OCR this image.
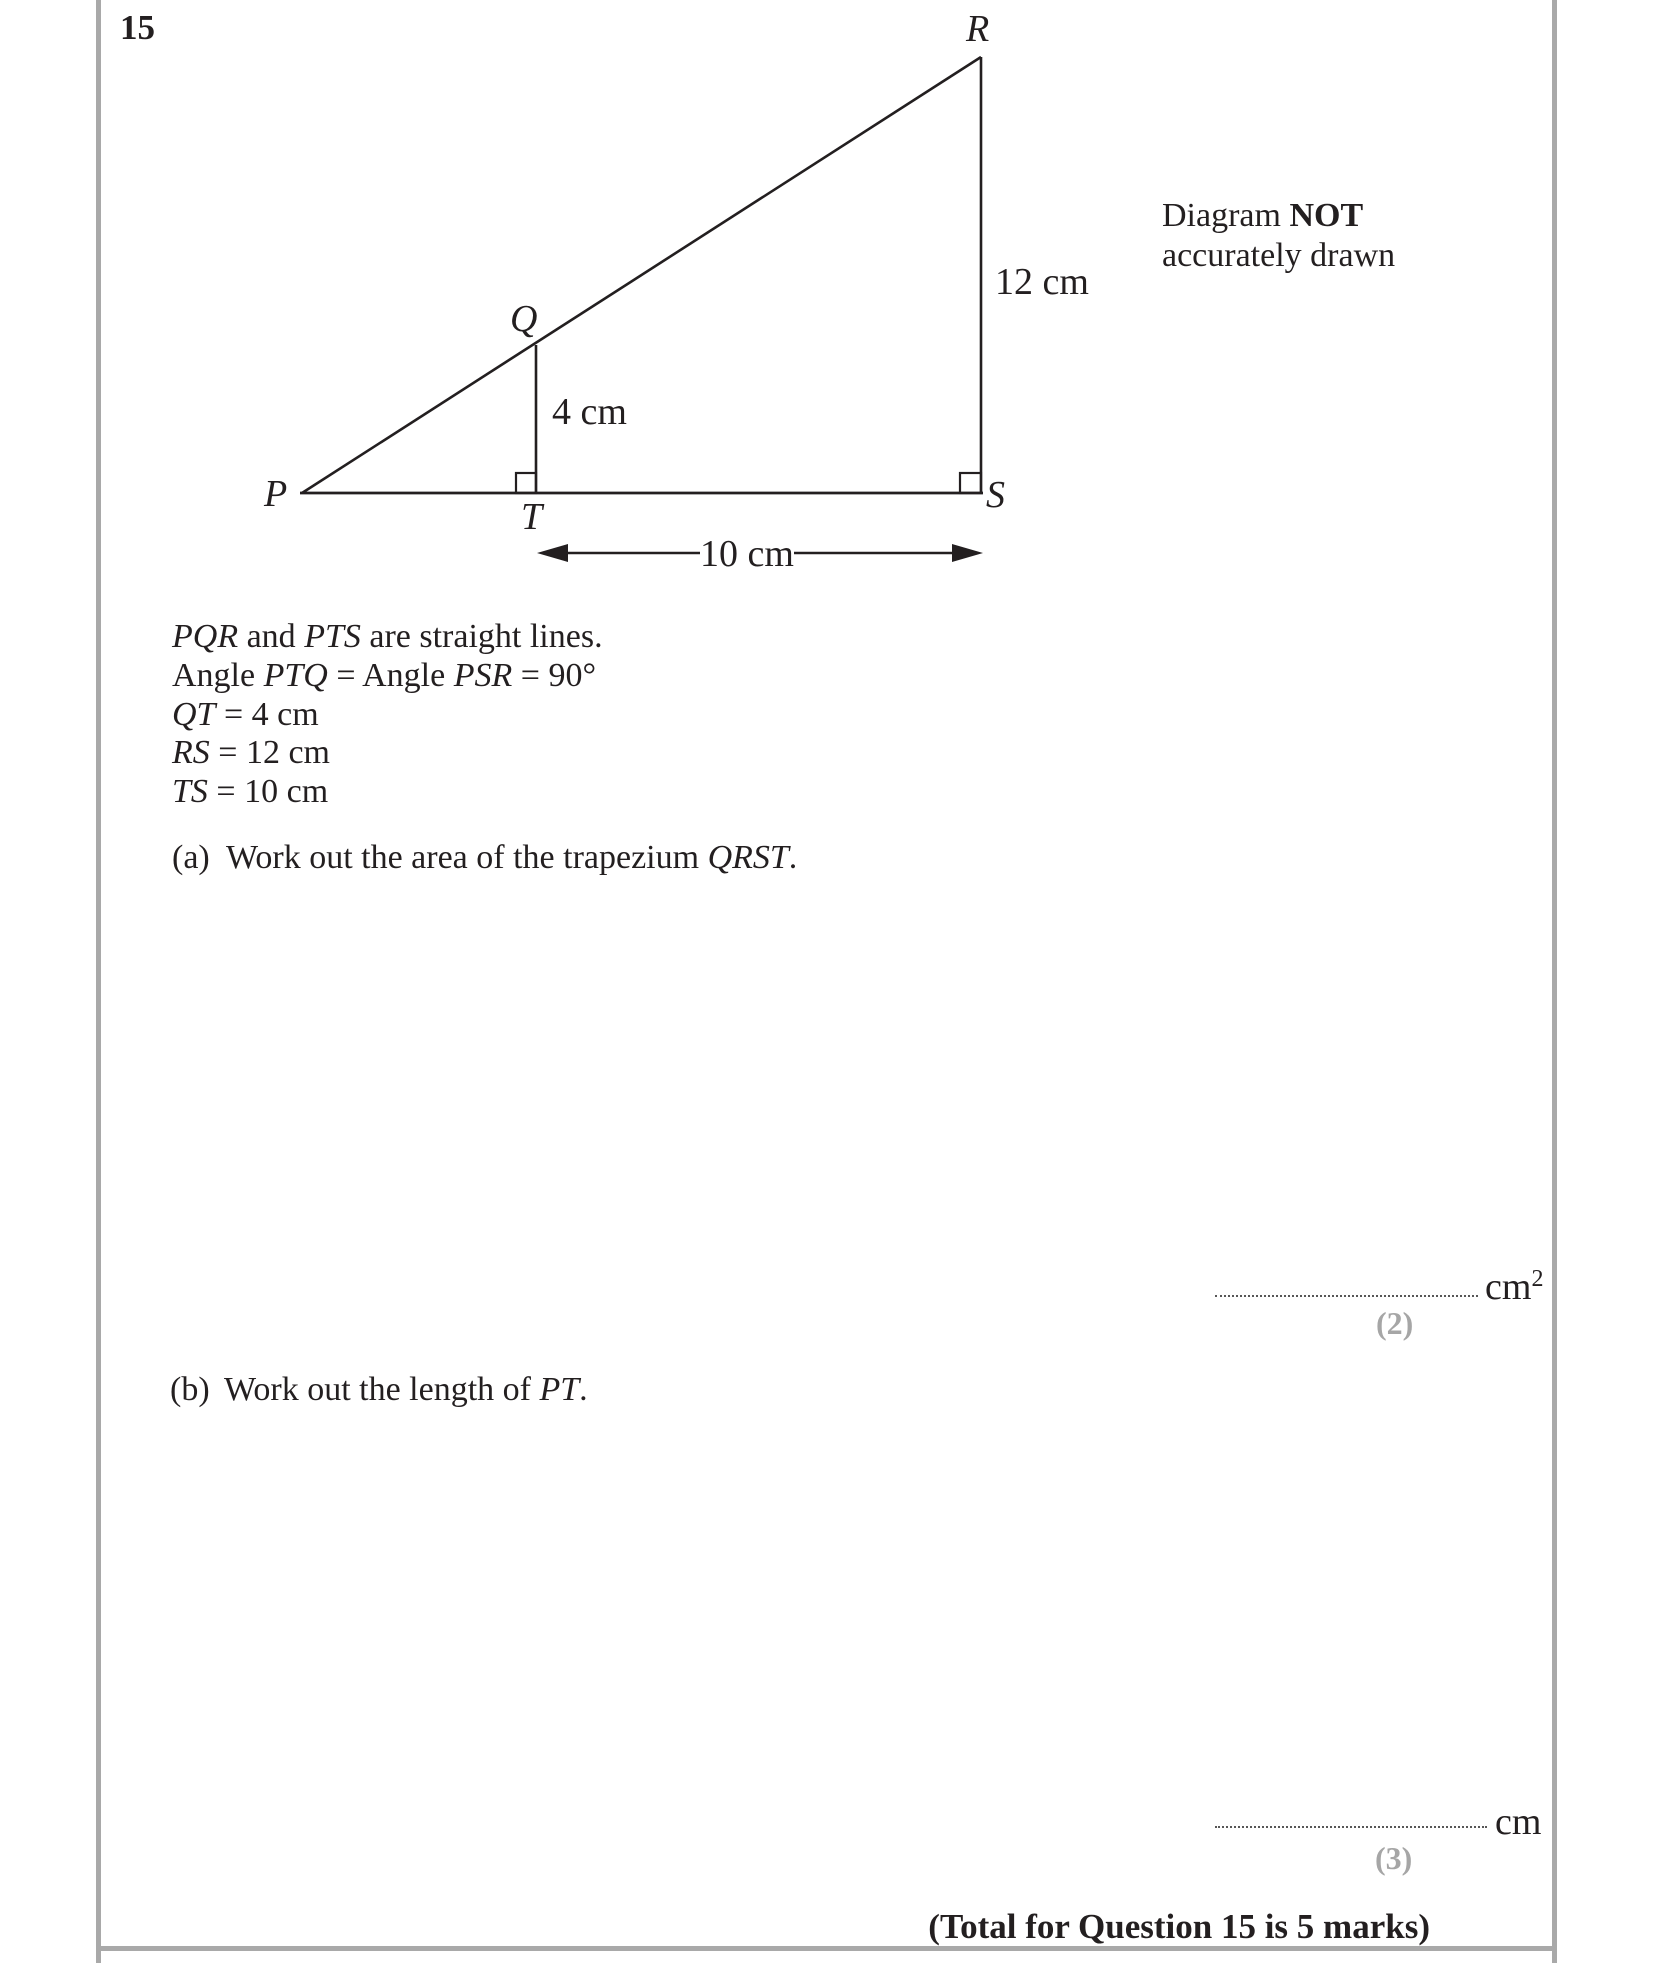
15	R
Q
P
T
S
12 cm
4 cm
10 cm
Diagram NOT
accurately drawn
PQR and PTS are straight lines.
Angle PTQ = Angle PSR = 90°
QT = 4 cm
RS = 12 cm
TS = 10 cm
(a) Work out the area of the trapezium QRST.
$cm^2$
(2)
(b) Work out the length of PT.
cm
(3)
(Total for Question 15 is 5 marks)
